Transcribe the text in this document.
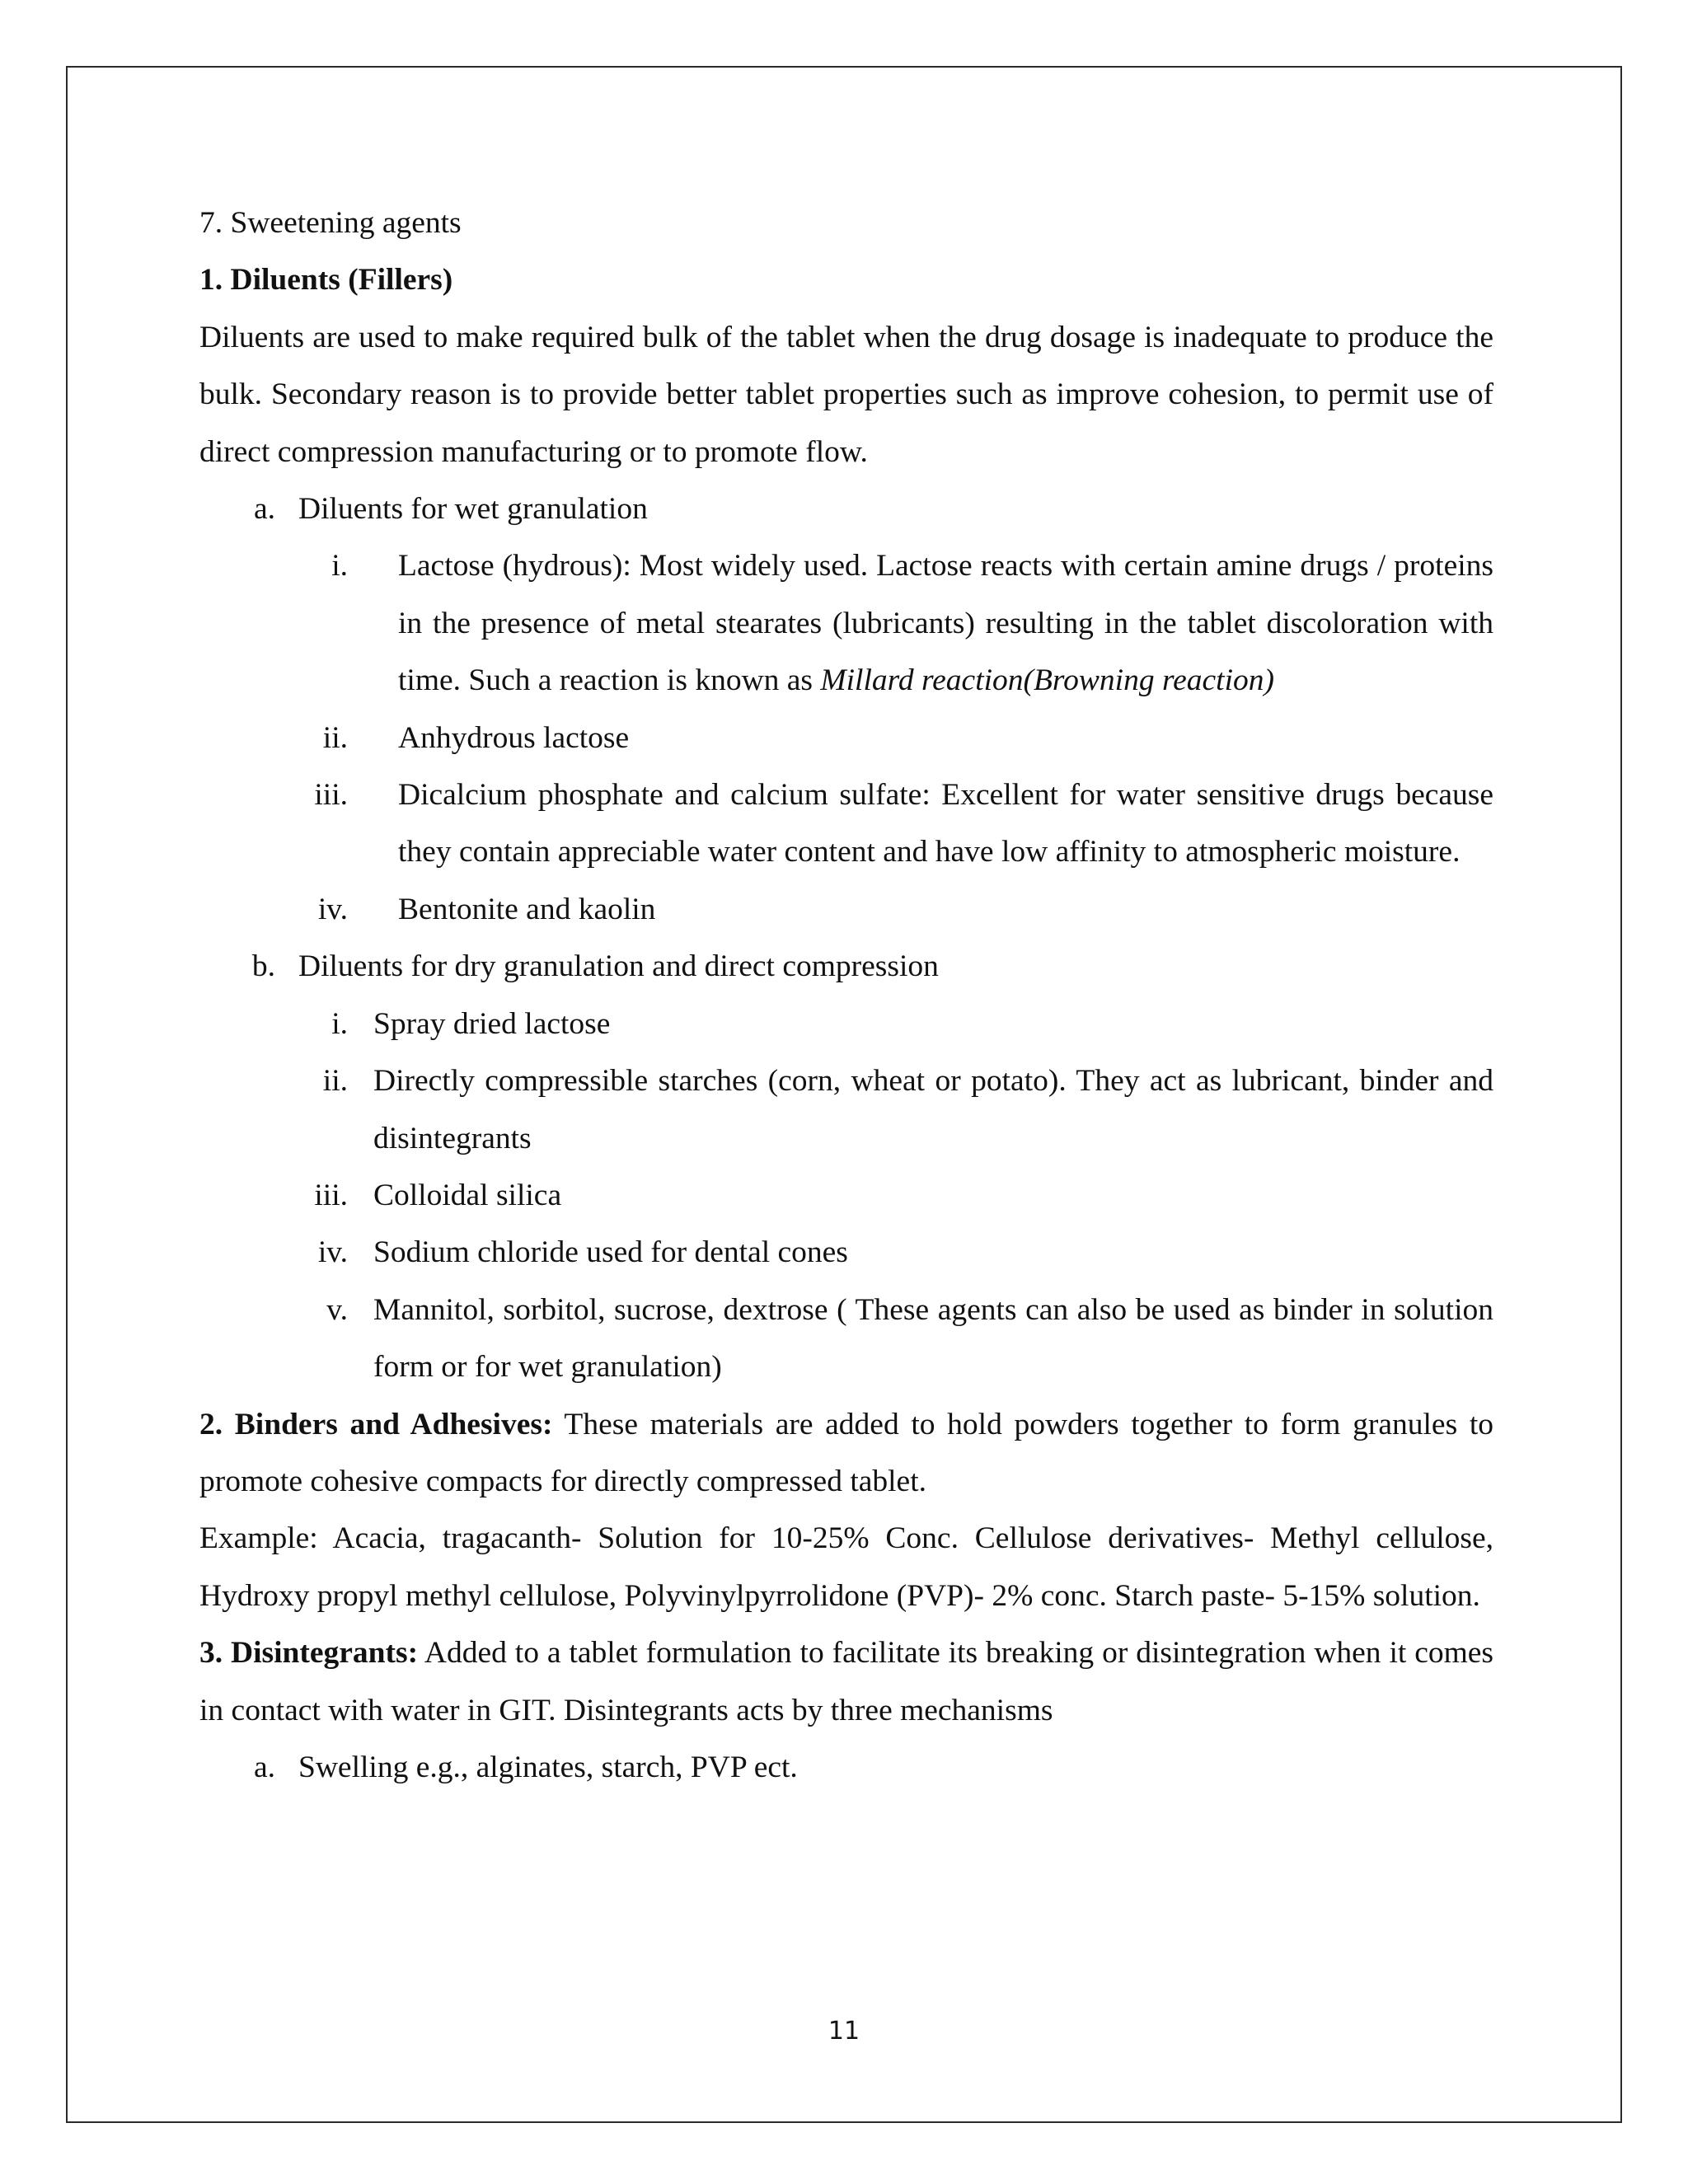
7. Sweetening agents

1. Diluents (Fillers)

Diluents are used to make required bulk of the tablet when the drug dosage is inadequate to produce the bulk. Secondary reason is to provide better tablet properties such as improve cohesion, to permit use of direct compression manufacturing or to promote flow.

a. Diluents for wet granulation
i.	Lactose (hydrous): Most widely used. Lactose reacts with certain amine drugs / proteins in the presence of metal stearates (lubricants) resulting in the tablet discoloration with time. Such a reaction is known as Millard reaction(Browning reaction)
ii.	Anhydrous lactose
iii.	Dicalcium phosphate and calcium sulfate: Excellent for water sensitive drugs because they contain appreciable water content and have low affinity to atmospheric moisture.
iv.	Bentonite and kaolin
b. Diluents for dry granulation and direct compression
i. Spray dried lactose
ii. Directly compressible starches (corn, wheat or potato). They act as lubricant, binder and disintegrants
iii. Colloidal silica
iv. Sodium chloride used for dental cones
v. Mannitol, sorbitol, sucrose, dextrose ( These agents can also be used as binder in solution form or for wet granulation)

2. Binders and Adhesives: These materials are added to hold powders together to form granules to promote cohesive compacts for directly compressed tablet.

Example: Acacia, tragacanth- Solution for 10-25% Conc. Cellulose derivatives- Methyl cellulose, Hydroxy propyl methyl cellulose, Polyvinylpyrrolidone (PVP)- 2% conc. Starch paste- 5-15% solution.

3. Disintegrants: Added to a tablet formulation to facilitate its breaking or disintegration when it comes in contact with water in GIT. Disintegrants acts by three mechanisms

a. Swelling e.g., alginates, starch, PVP ect.
11
